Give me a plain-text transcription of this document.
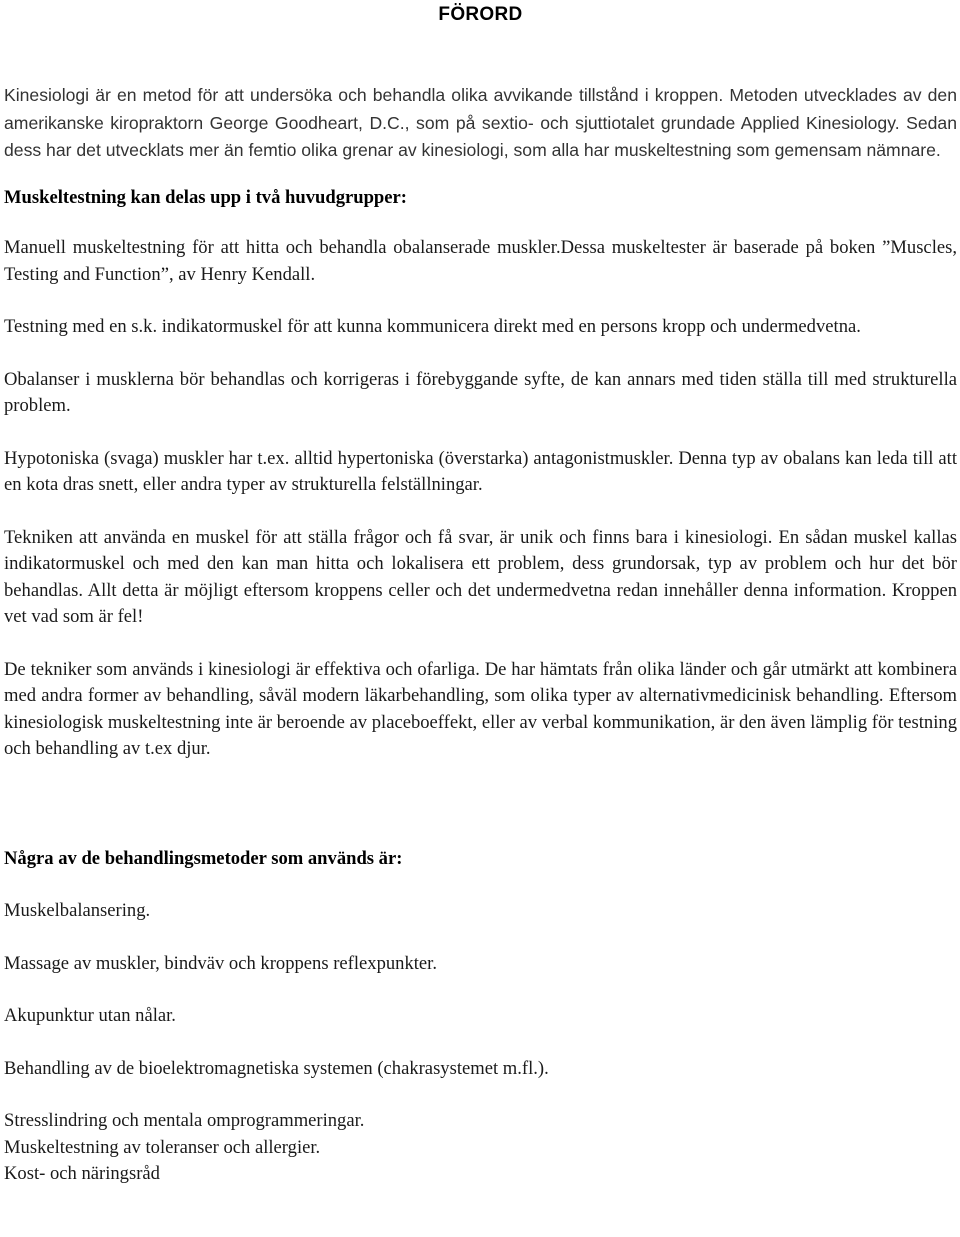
FÖRORD

Kinesiologi är en metod för att undersöka och behandla olika avvikande tillstånd i kroppen. Metoden utvecklades av den amerikanske kiropraktorn George Goodheart, D.C., som på sextio- och sjuttiotalet grundade Applied Kinesiology. Sedan dess har det utvecklats mer än femtio olika grenar av kinesiologi, som alla har muskeltestning som gemensam nämnare.

Muskeltestning kan delas upp i två huvudgrupper:

Manuell muskeltestning för att hitta och behandla obalanserade muskler.Dessa muskeltester är baserade på boken ”Muscles, Testing and Function”, av Henry Kendall.

Testning med en s.k. indikatormuskel för att kunna kommunicera direkt med en persons kropp och undermedvetna.

Obalanser i musklerna bör behandlas och korrigeras i förebyggande syfte, de kan annars med tiden ställa till med strukturella problem.

Hypotoniska (svaga) muskler har t.ex. alltid hypertoniska (överstarka) antagonistmuskler. Denna typ av obalans kan leda till att en kota dras snett, eller andra typer av strukturella felställningar.

Tekniken att använda en muskel för att ställa frågor och få svar, är unik och finns bara i kinesiologi. En sådan muskel kallas indikatormuskel och med den kan man hitta och lokalisera ett problem, dess grundorsak, typ av problem och hur det bör behandlas. Allt detta är möjligt eftersom kroppens celler och det undermedvetna redan innehåller denna information. Kroppen vet vad som är fel!

De tekniker som används i kinesiologi är effektiva och ofarliga. De har hämtats från olika länder och går utmärkt att kombinera med andra former av behandling, såväl modern läkarbehandling, som olika typer av alternativmedicinisk behandling. Eftersom kinesiologisk muskeltestning inte är beroende av placeboeffekt, eller av verbal kommunikation, är den även lämplig för testning och behandling av t.ex djur.

Några av de behandlingsmetoder som används är:

Muskelbalansering.

Massage av muskler, bindväv och kroppens reflexpunkter.

Akupunktur utan nålar.

Behandling av de bioelektromagnetiska systemen (chakrasystemet m.fl.).

Stresslindring och mentala omprogrammeringar.

Muskeltestning av toleranser och allergier.

Kost- och näringsråd
